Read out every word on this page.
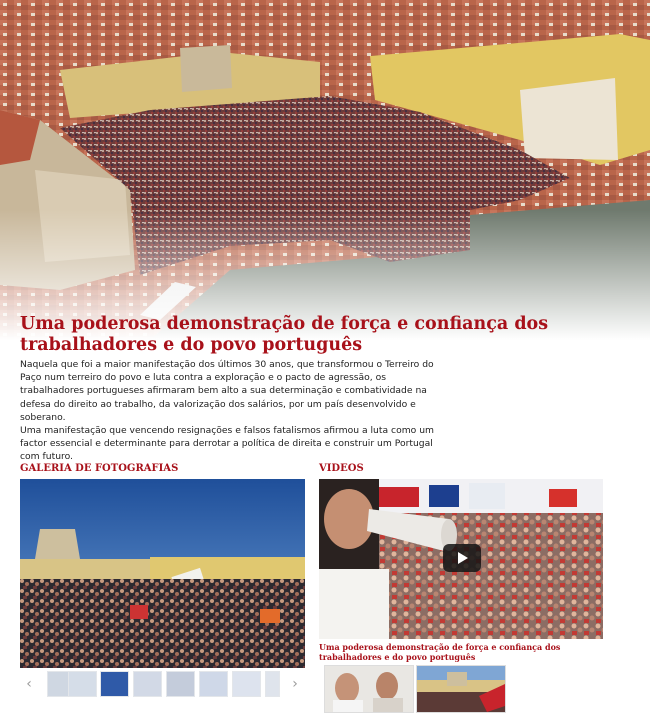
Uma poderosa demonstração de força e confiança dos trabalhadores e do povo português

Naquela que foi a maior manifestação dos últimos 30 anos, que transformou o Terreiro do Paço num terreiro do povo e luta contra a exploração e o pacto de agressão, os trabalhadores portugueses afirmaram bem alto a sua determinação e combatividade na defesa do direito ao trabalho, da valorização dos salários, por um país desenvolvido e soberano.

Uma manifestação que vencendo resignações e falsos fatalismos afirmou a luta como um factor essencial e determinante para derrotar a política de direita e construir um Portugal com futuro.

GALERIA DE FOTOGRAFIAS	VIDEOS
‹	›

Uma poderosa demonstração de força e confiança dos trabalhadores e do povo português
